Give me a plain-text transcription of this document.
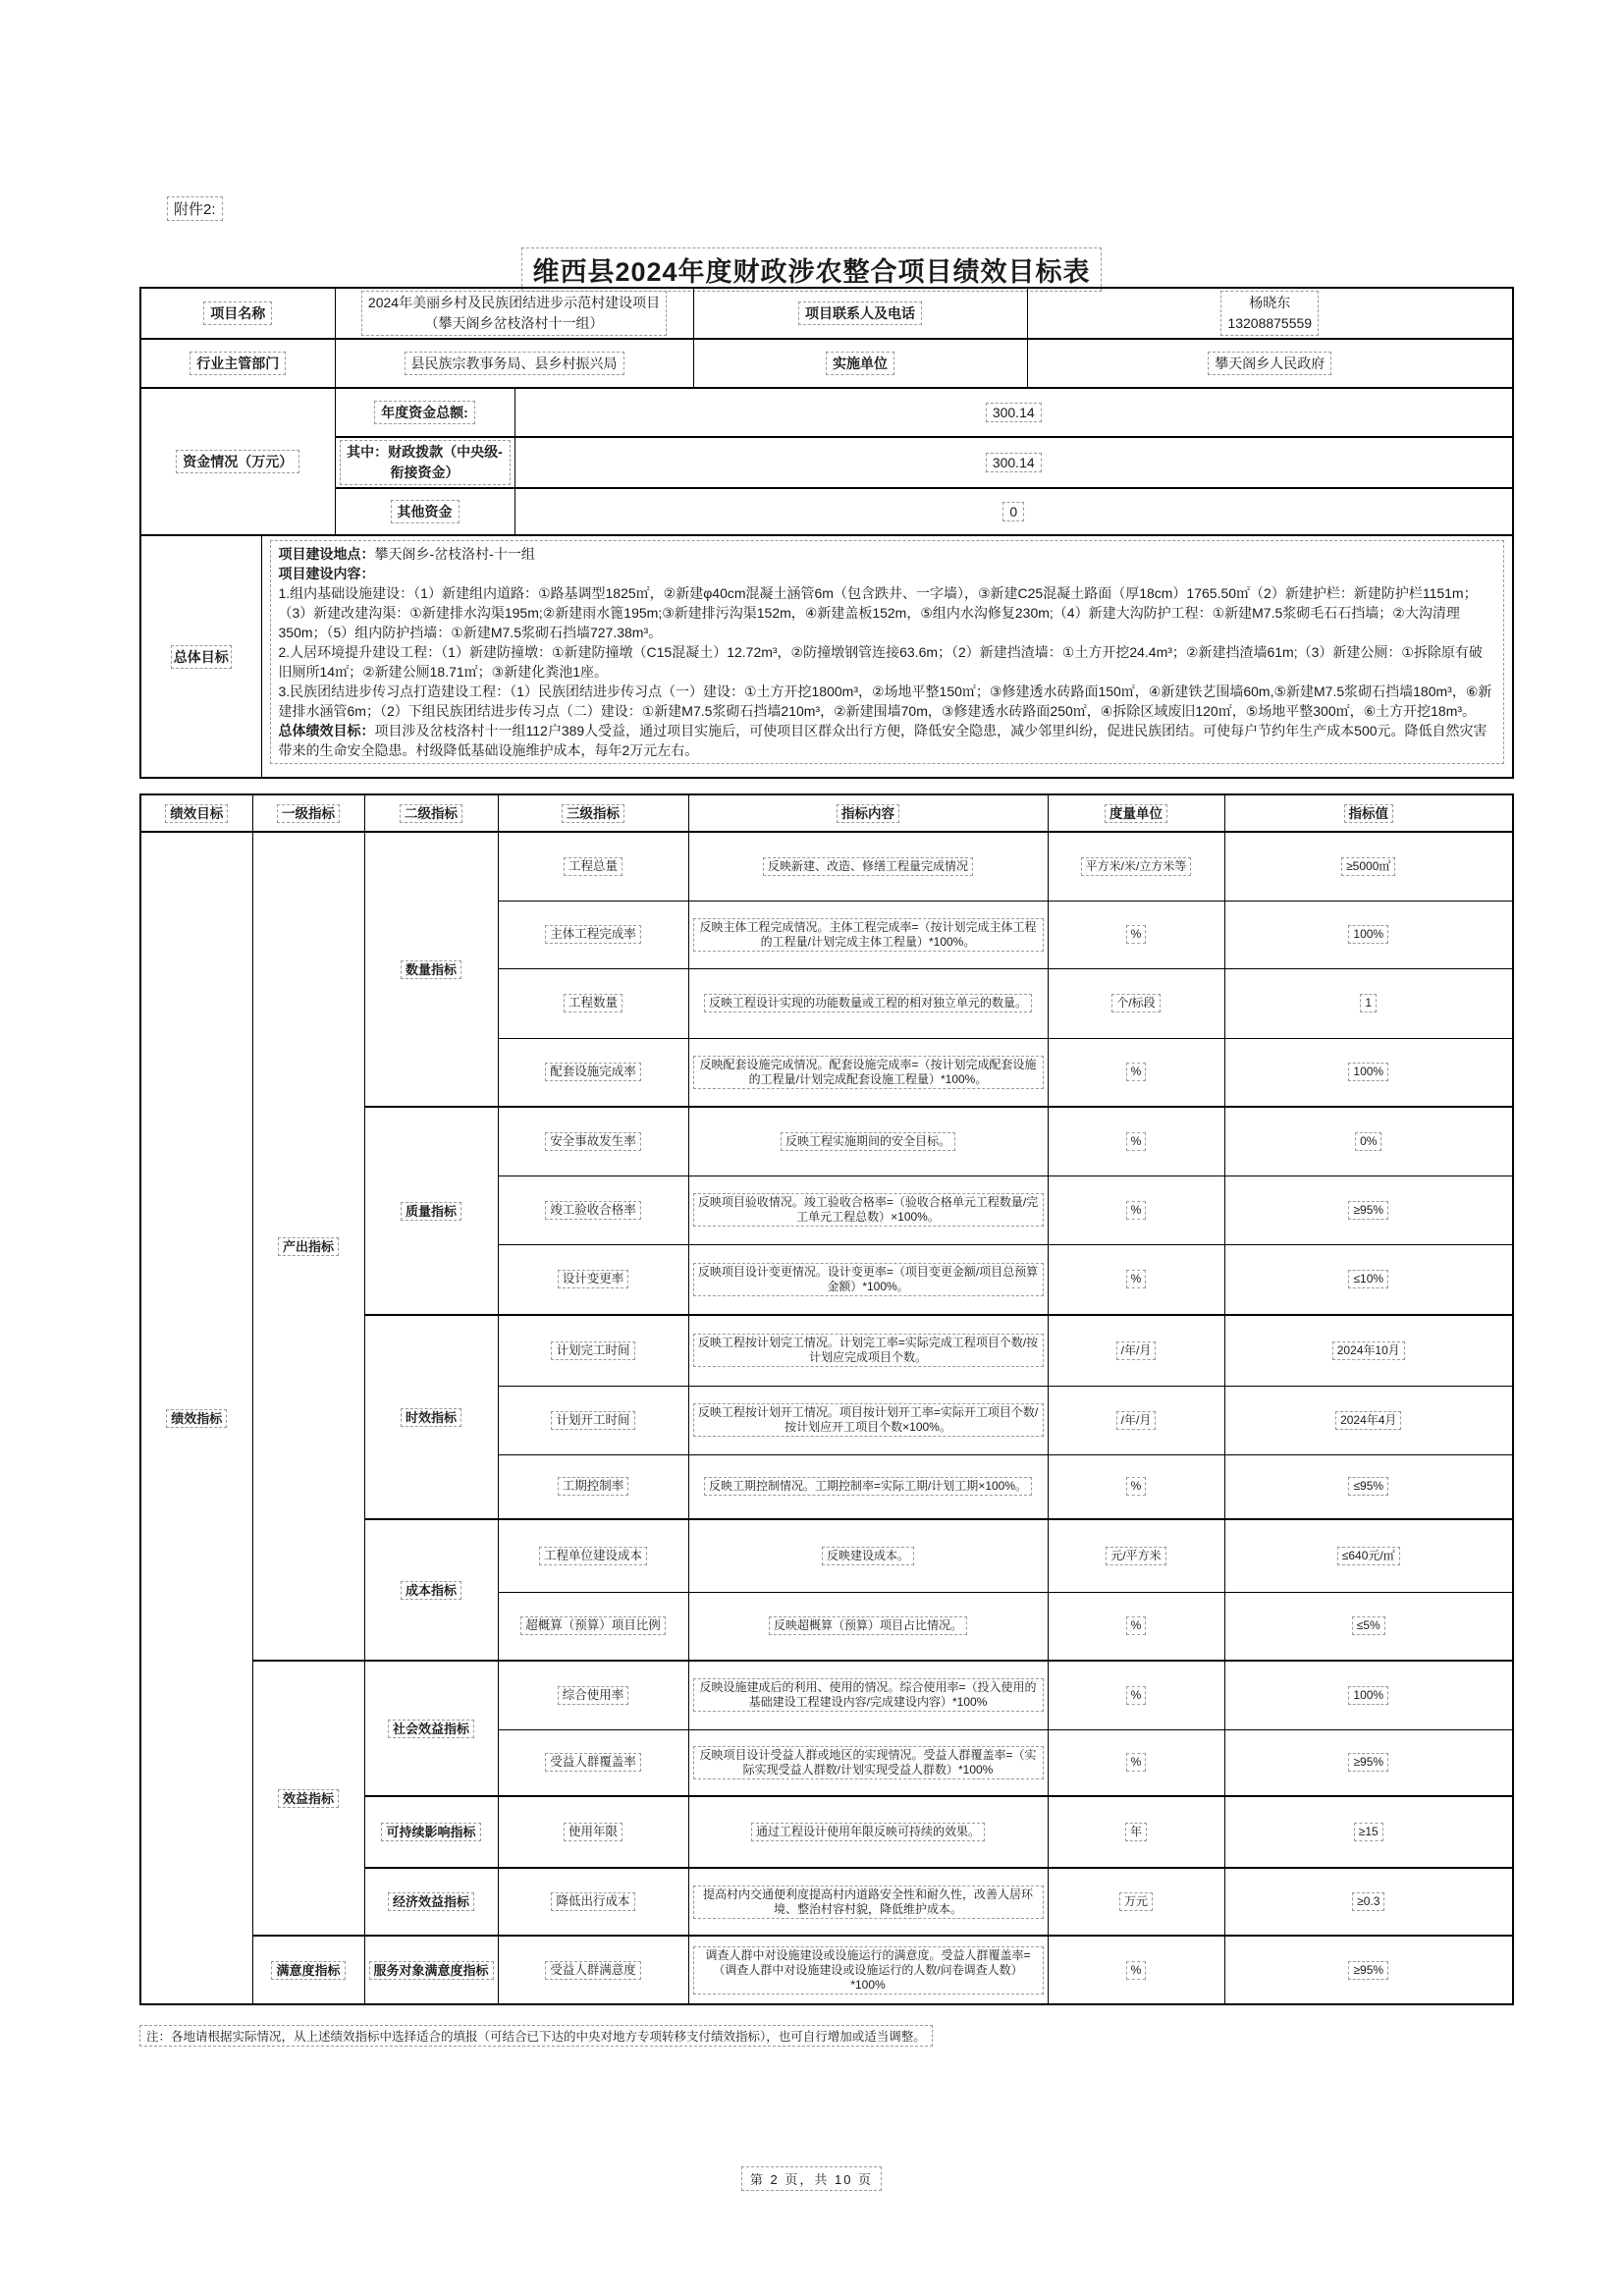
附件2:
维西县2024年度财政涉农整合项目绩效目标表
项目名称		2024年美丽乡村及民族团结进步示范村建设项目
（攀天阁乡岔枝洛村十一组）		项目联系人及电话	杨晓东
13208875559
行业主管部门		县民族宗教事务局、县乡村振兴局		实施单位	攀天阁乡人民政府
资金情况（万元）		年度资金总额:	300.14		
		其中：财政拨款（中央级-衔接资金）	300.14		
		其他资金	0		
总体目标	
项目建设地点：攀天阁乡-岔枝洛村-十一组
项目建设内容：
1.组内基础设施建设：（1）新建组内道路：①路基调型1825㎡，②新建φ40cm混凝土涵管6m（包含跌井、一字墙），③新建C25混凝土路面（厚18cm）1765.50㎡（2）新建护栏：新建防护栏1151m；（3）新建改建沟渠：①新建排水沟渠195m;②新建雨水篦195m;③新建排污沟渠152m，④新建盖板152m，⑤组内水沟修复230m;（4）新建大沟防护工程：①新建M7.5浆砌毛石石挡墙；②大沟清理350m；（5）组内防护挡墙：①新建M7.5浆砌石挡墙727.38m³。
2.人居环境提升建设工程：（1）新建防撞墩：①新建防撞墩（C15混凝土）12.72m³，②防撞墩钢管连接63.6m；（2）新建挡渣墙：①土方开挖24.4m³；②新建挡渣墙61m;（3）新建公厕：①拆除原有破旧厕所14㎡；②新建公厕18.71㎡；③新建化粪池1座。
3.民族团结进步传习点打造建设工程：（1）民族团结进步传习点（一）建设：①土方开挖1800m³，②场地平整150㎡；③修建透水砖路面150㎡，④新建铁艺围墙60m,⑤新建M7.5浆砌石挡墙180m³，⑥新建排水涵管6m；（2）下组民族团结进步传习点（二）建设：①新建M7.5浆砌石挡墙210m³，②新建围墙70m，③修建透水砖路面250㎡，④拆除区域废旧120㎡，⑤场地平整300㎡，⑥土方开挖18m³。
总体绩效目标：项目涉及岔枝洛村十一组112户389人受益，通过项目实施后，可使项目区群众出行方便，降低安全隐患，减少邻里纠纷，促进民族团结。可使每户节约年生产成本500元。降低自然灾害带来的生命安全隐患。村级降低基础设施维护成本，每年2万元左右。
绩效目标	一级指标	二级指标	三级指标	指标内容	度量单位	指标值
绩效指标	产出指标	数量指标	工程总量	反映新建、改造、修缮工程量完成情况	平方米/米/立方米等	≥5000㎡
			主体工程完成率	反映主体工程完成情况。主体工程完成率=（按计划完成主体工程的工程量/计划完成主体工程量）*100%。	%	100%
			工程数量	反映工程设计实现的功能数量或工程的相对独立单元的数量。	个/标段	1
			配套设施完成率	反映配套设施完成情况。配套设施完成率=（按计划完成配套设施的工程量/计划完成配套设施工程量）*100%。	%	100%
		质量指标	安全事故发生率	反映工程实施期间的安全目标。	%	0%
			竣工验收合格率	反映项目验收情况。竣工验收合格率=（验收合格单元工程数量/完工单元工程总数）×100%。	%	≥95%
			设计变更率	反映项目设计变更情况。设计变更率=（项目变更金额/项目总预算金额）*100%。	%	≤10%
		时效指标	计划完工时间	反映工程按计划完工情况。计划完工率=实际完成工程项目个数/按计划应完成项目个数。	/年/月	2024年10月
			计划开工时间	反映工程按计划开工情况。项目按计划开工率=实际开工项目个数/按计划应开工项目个数×100%。	/年/月	2024年4月
			工期控制率	反映工期控制情况。工期控制率=实际工期/计划工期×100%。	%	≤95%
		成本指标	工程单位建设成本	反映建设成本。	元/平方米	≤640元/㎡
			超概算（预算）项目比例	反映超概算（预算）项目占比情况。	%	≤5%
	效益指标	社会效益指标	综合使用率	反映设施建成后的利用、使用的情况。综合使用率=（投入使用的基础建设工程建设内容/完成建设内容）*100%	%	100%
			受益人群覆盖率	反映项目设计受益人群或地区的实现情况。受益人群覆盖率=（实际实现受益人群数/计划实现受益人群数）*100%	%	≥95%
		可持续影响指标	使用年限	通过工程设计使用年限反映可持续的效果。	年	≥15
		经济效益指标	降低出行成本	提高村内交通便利度提高村内道路安全性和耐久性，改善人居环境、整治村容村貌，降低维护成本。	万元	≥0.3
	满意度指标	服务对象满意度指标	受益人群满意度	调查人群中对设施建设或设施运行的满意度。受益人群覆盖率=（调查人群中对设施建设或设施运行的人数/问卷调查人数）*100%	%	≥95%
注：各地请根据实际情况，从上述绩效指标中选择适合的填报（可结合已下达的中央对地方专项转移支付绩效指标），也可自行增加或适当调整。
第 2 页，共 10 页
